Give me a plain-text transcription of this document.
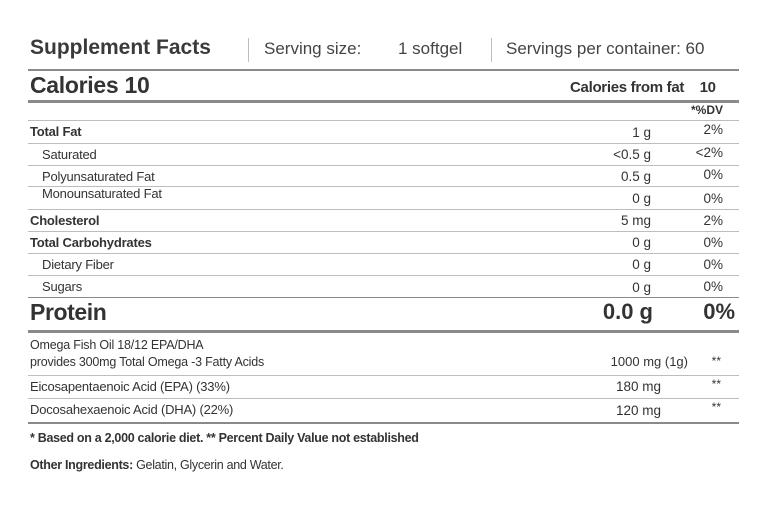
Supplement Facts	Serving size: 1 softgel	Servings per container: 60
Calories 10	Calories from fat 10
*%DV
Total Fat	1 g	2%
Saturated	<0.5 g	<2%
Polyunsaturated Fat	0.5 g	0%
Monounsaturated Fat	0 g	0%
Cholesterol	5 mg	2%
Total Carbohydrates	0 g	0%
Dietary Fiber	0 g	0%
Sugars	0 g	0%
Protein	0.0 g	0%
Omega Fish Oil 18/12 EPA/DHA
provides 300mg Total Omega -3 Fatty Acids	1000 mg (1g)	**
Eicosapentaenoic Acid (EPA) (33%)	180 mg	**
Docosahexaenoic Acid (DHA) (22%)	120 mg	**
* Based on a 2,000 calorie diet. ** Percent Daily Value not established
Other Ingredients: Gelatin, Glycerin and Water.
